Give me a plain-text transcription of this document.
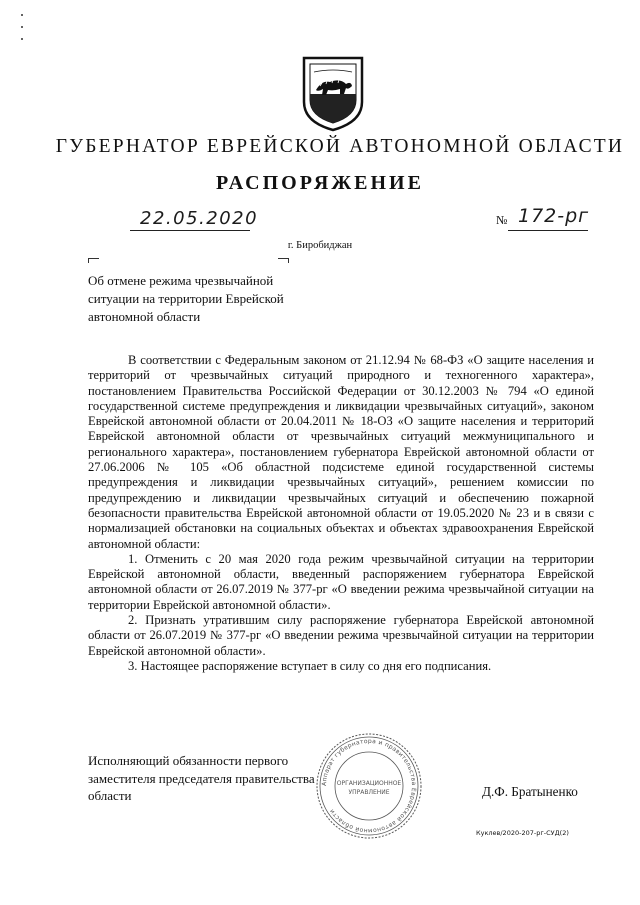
ГУБЕРНАТОР ЕВРЕЙСКОЙ АВТОНОМНОЙ ОБЛАСТИ
РАСПОРЯЖЕНИЕ
22.05.2020	№ 172-рг
г. Биробиджан
Об отмене режима чрезвычайной ситуации на территории Еврейской автономной области

В соответствии с Федеральным законом от 21.12.94 № 68-ФЗ «О защите населения и территорий от чрезвычайных ситуаций природного и техногенного характера», постановлением Правительства Российской Федерации от 30.12.2003 № 794 «О единой государственной системе предупреждения и ликвидации чрезвычайных ситуаций», законом Еврейской автономной области от 20.04.2011 № 18-ОЗ «О защите населения и территорий Еврейской автономной области от чрезвычайных ситуаций межмуниципального и регионального характера», постановлением губернатора Еврейской автономной области от 27.06.2006 № 105 «Об областной подсистеме единой государственной системы предупреждения и ликвидации чрезвычайных ситуаций», решением комиссии по предупреждению и ликвидации чрезвычайных ситуаций и обеспечению пожарной безопасности правительства Еврейской автономной области от 19.05.2020 № 23 и в связи с нормализацией обстановки на социальных объектах и объектах здравоохранения Еврейской автономной области:

1. Отменить с 20 мая 2020 года режим чрезвычайной ситуации на территории Еврейской автономной области, введенный распоряжением губернатора Еврейской автономной области от 26.07.2019 № 377-рг «О введении режима чрезвычайной ситуации на территории Еврейской автономной области».

2. Признать утратившим силу распоряжение губернатора Еврейской автономной области от 26.07.2019 № 377-рг «О введении режима чрезвычайной ситуации на территории Еврейской автономной области».

3. Настоящее распоряжение вступает в силу со дня его подписания.

Исполняющий обязанности первого заместителя председателя правительства области
Аппарат губернатора и правительства Еврейской автономной области
ОРГАНИЗАЦИОННОЕ
УПРАВЛЕНИЕ	Д.Ф. Братыненко
Куклев/2020-207-рг-СУД(2)
